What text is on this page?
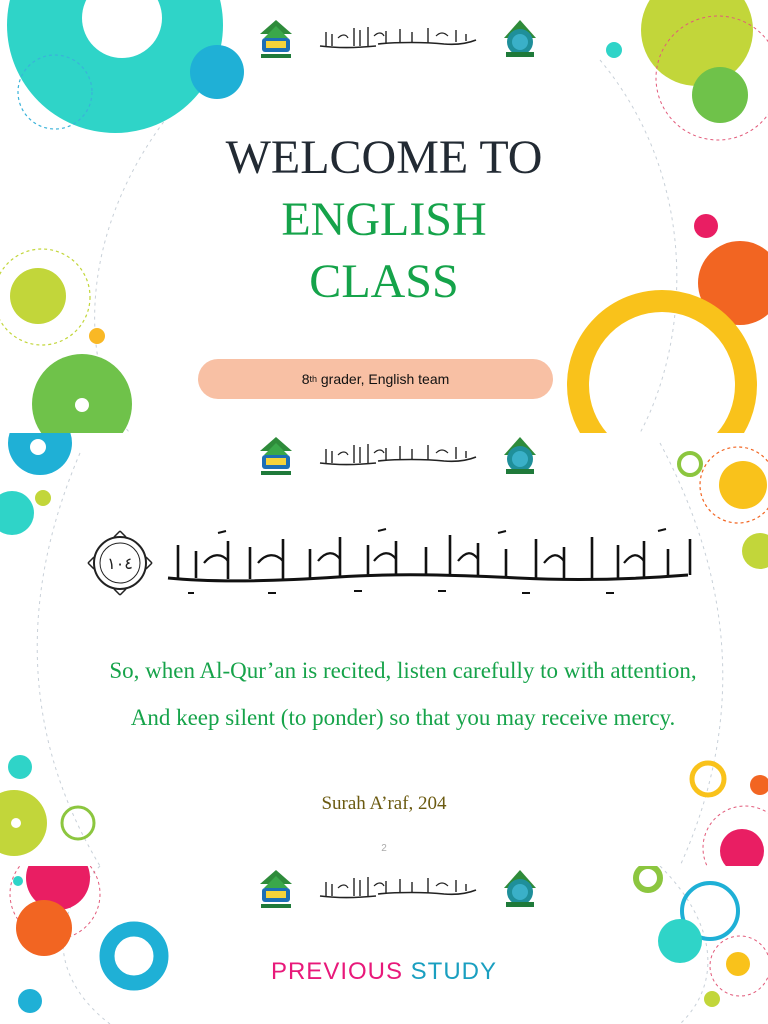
WELCOME TO
ENGLISH
CLASS
8 th grader, English team
١٠٤
So, when Al-Qur’an is recited, listen carefully to with attention,
And keep silent (to ponder) so that you may receive mercy.
Surah A’raf, 204
2
PREVIOUS STUDY
